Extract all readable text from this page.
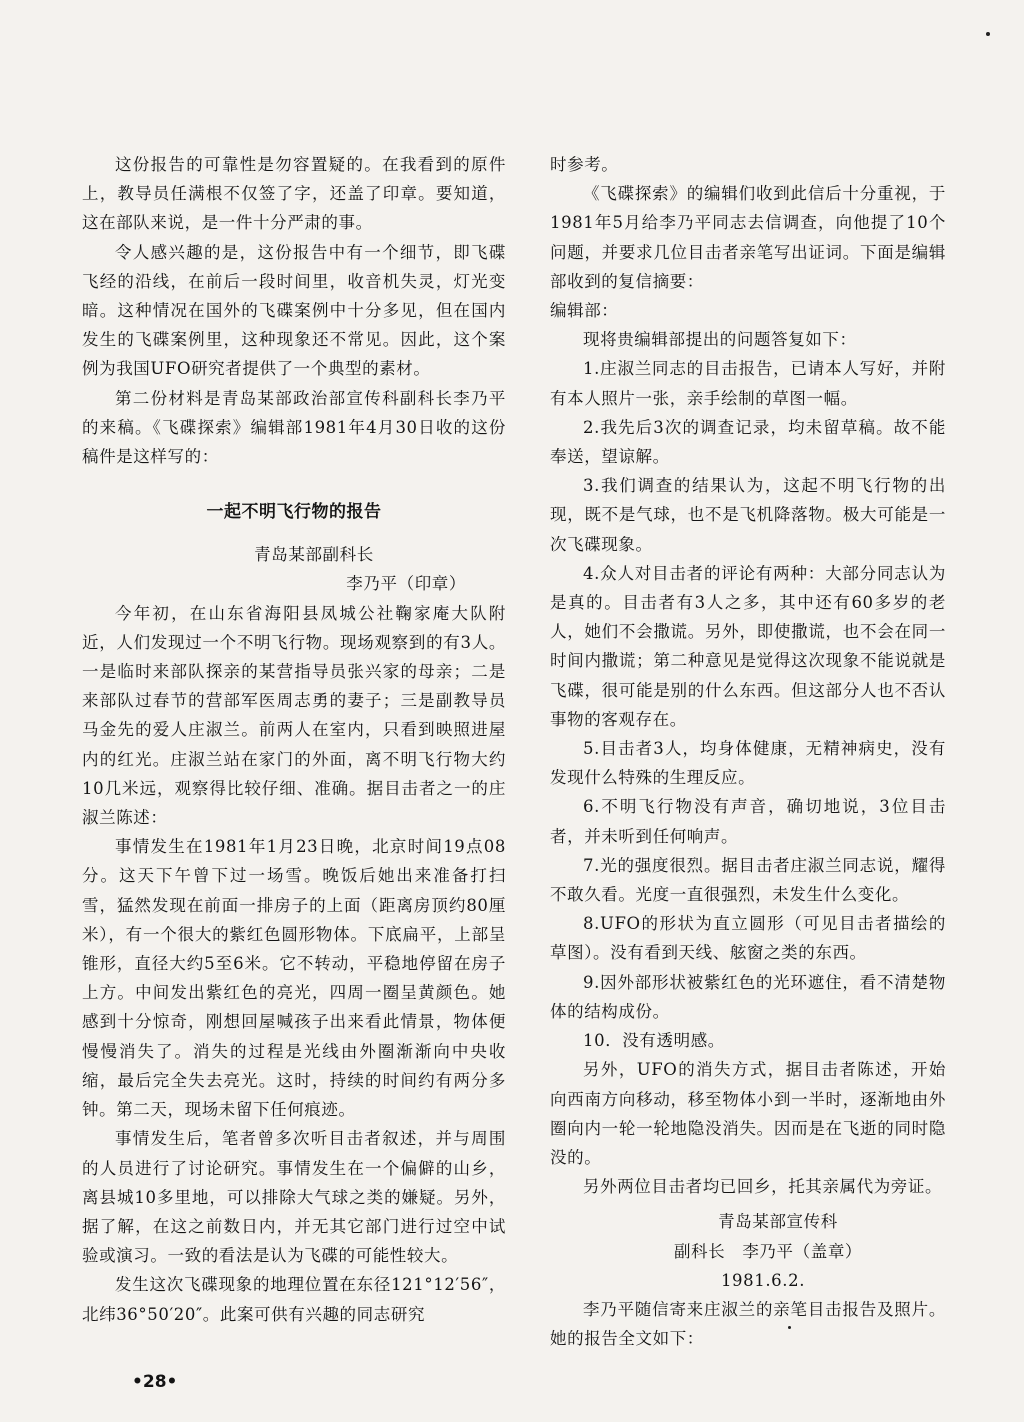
这份报告的可靠性是勿容置疑的。在我看到的原件上，教导员任满根不仅签了字，还盖了印章。要知道，这在部队来说，是一件十分严肃的事。

令人感兴趣的是，这份报告中有一个细节，即飞碟飞经的沿线，在前后一段时间里，收音机失灵，灯光变暗。这种情况在国外的飞碟案例中十分多见，但在国内发生的飞碟案例里，这种现象还不常见。因此，这个案例为我国UFO研究者提供了一个典型的素材。

第二份材料是青岛某部政治部宣传科副科长李乃平的来稿。《飞碟探索》编辑部1981年4月30日收的这份稿件是这样写的：

一起不明飞行物的报告

青岛某部副科长

李乃平（印章）

今年初，在山东省海阳县凤城公社鞠家庵大队附近，人们发现过一个不明飞行物。现场观察到的有3人。一是临时来部队探亲的某营指导员张兴家的母亲；二是来部队过春节的营部军医周志勇的妻子；三是副教导员马金先的爱人庄淑兰。前两人在室内，只看到映照进屋内的红光。庄淑兰站在家门的外面，离不明飞行物大约10几米远，观察得比较仔细、准确。据目击者之一的庄淑兰陈述：

事情发生在1981年1月23日晚，北京时间19点08分。这天下午曾下过一场雪。晚饭后她出来准备打扫雪，猛然发现在前面一排房子的上面（距离房顶约80厘米），有一个很大的紫红色圆形物体。下底扁平，上部呈锥形，直径大约5至6米。它不转动，平稳地停留在房子上方。中间发出紫红色的亮光，四周一圈呈黄颜色。她感到十分惊奇，刚想回屋喊孩子出来看此情景，物体便慢慢消失了。消失的过程是光线由外圈渐渐向中央收缩，最后完全失去亮光。这时，持续的时间约有两分多钟。第二天，现场未留下任何痕迹。

事情发生后，笔者曾多次听目击者叙述，并与周围的人员进行了讨论研究。事情发生在一个偏僻的山乡，离县城10多里地，可以排除大气球之类的嫌疑。另外，据了解，在这之前数日内，并无其它部门进行过空中试验或演习。一致的看法是认为飞碟的可能性较大。

发生这次飞碟现象的地理位置在东径121°12′56″，北纬36°50′20″。此案可供有兴趣的同志研究

时参考。

《飞碟探索》的编辑们收到此信后十分重视，于1981年5月给李乃平同志去信调查，向他提了10个问题，并要求几位目击者亲笔写出证词。下面是编辑部收到的复信摘要：

编辑部：

现将贵编辑部提出的问题答复如下：

1.庄淑兰同志的目击报告，已请本人写好，并附有本人照片一张，亲手绘制的草图一幅。

2.我先后3次的调查记录，均未留草稿。故不能奉送，望谅解。

3.我们调查的结果认为，这起不明飞行物的出现，既不是气球，也不是飞机降落物。极大可能是一次飞碟现象。

4.众人对目击者的评论有两种：大部分同志认为是真的。目击者有3人之多，其中还有60多岁的老人，她们不会撒谎。另外，即使撒谎，也不会在同一时间内撒谎；第二种意见是觉得这次现象不能说就是飞碟，很可能是别的什么东西。但这部分人也不否认事物的客观存在。

5.目击者3人，均身体健康，无精神病史，没有发现什么特殊的生理反应。

6.不明飞行物没有声音，确切地说，3位目击者，并未听到任何响声。

7.光的强度很烈。据目击者庄淑兰同志说，耀得不敢久看。光度一直很强烈，未发生什么变化。

8.UFO的形状为直立圆形（可见目击者描绘的草图）。没有看到天线、舷窗之类的东西。

9.因外部形状被紫红色的光环遮住，看不清楚物体的结构成份。

10．没有透明感。

另外，UFO的消失方式，据目击者陈述，开始向西南方向移动，移至物体小到一半时，逐渐地由外圈向内一轮一轮地隐没消失。因而是在飞逝的同时隐没的。

另外两位目击者均已回乡，托其亲属代为旁证。

青岛某部宣传科

副科长　李乃平（盖章）

1981.6.2.

李乃平随信寄来庄淑兰的亲笔目击报告及照片。她的报告全文如下：

•28•
